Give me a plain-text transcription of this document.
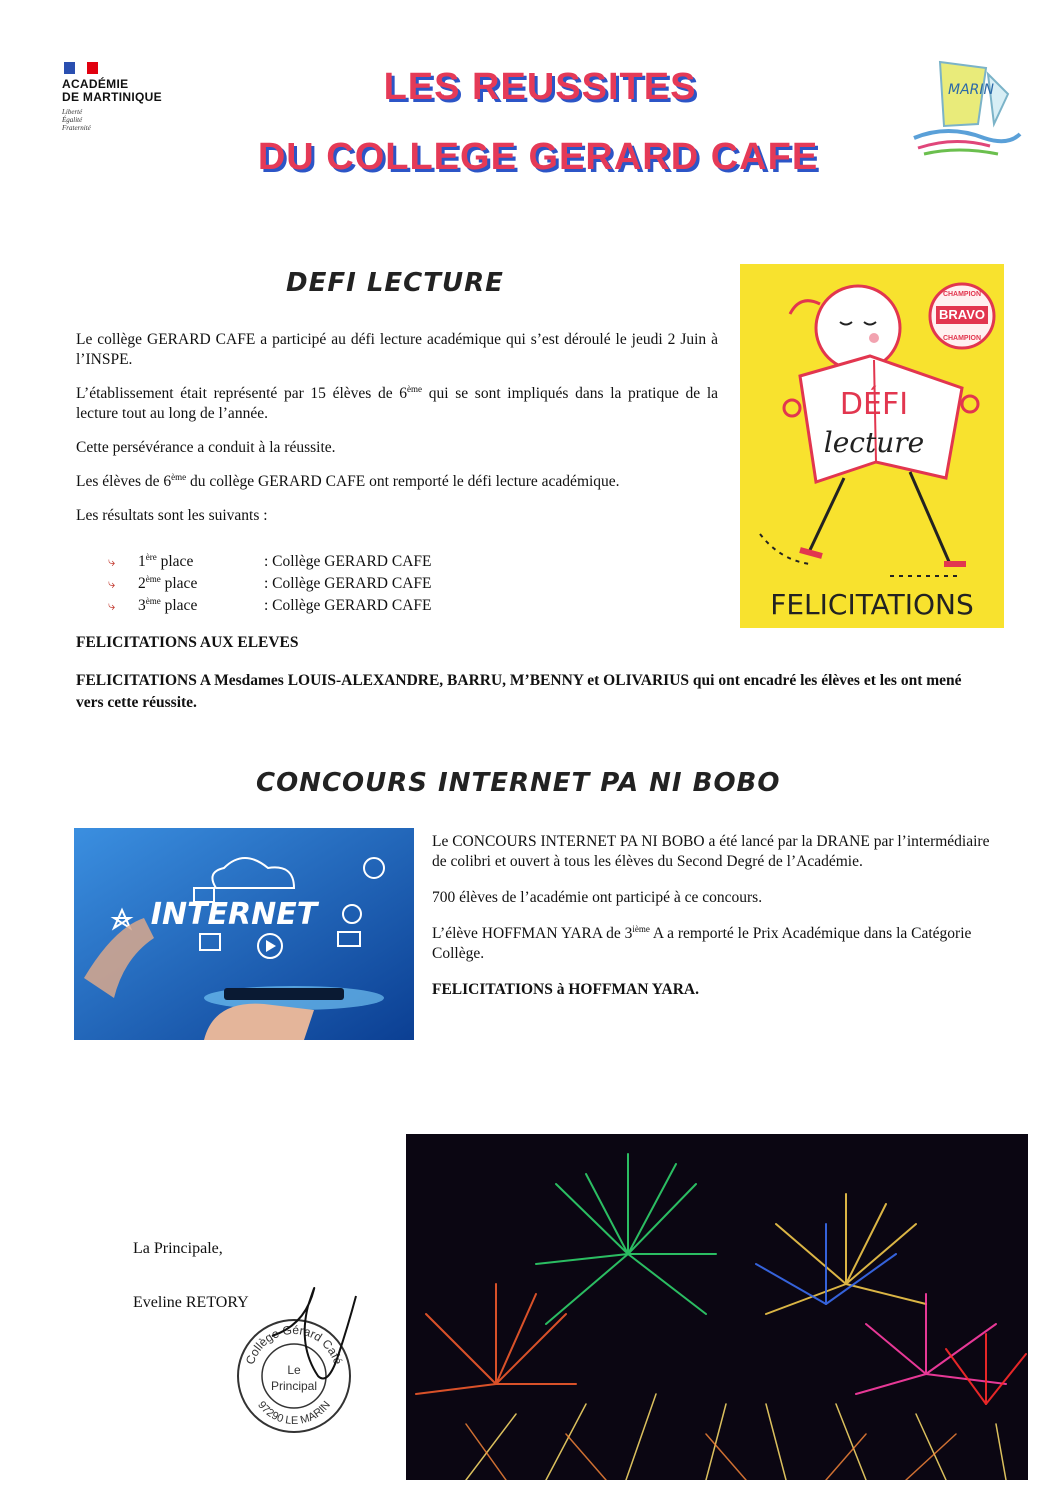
ACADÉMIE
DE MARTINIQUE
Liberté
Égalité
Fraternité
LES REUSSITES
DU COLLEGE GERARD CAFE
MARIN
DEFI LECTURE

Le collège GERARD CAFE a participé au défi lecture académique qui s’est déroulé le jeudi 2 Juin à l’INSPE.

L’établissement était représenté par 15 élèves de 6ème qui se sont impliqués dans la pratique de la lecture tout au long de l’année.

Cette persévérance a conduit à la réussite.

Les élèves de 6ème du collège GERARD CAFE ont remporté le défi lecture académique.

Les résultats sont les suivants :

⤷	1ère place	: Collège GERARD CAFE
⤷	2ème place	: Collège GERARD CAFE
⤷	3ème place	: Collège GERARD CAFE
FELICITATIONS AUX ELEVES
FELICITATIONS A Mesdames LOUIS-ALEXANDRE, BARRU, M’BENNY et OLIVARIUS qui ont encadré les élèves et les ont mené vers cette réussite.
BRAVO
CHAMPION
CHAMPION
DÉFI
lecture
FELICITATIONS
CONCOURS INTERNET PA NI BOBO
INTERNET

Le CONCOURS INTERNET PA NI BOBO a été lancé par la DRANE par l’intermédiaire de colibri et ouvert à tous les élèves du Second Degré de l’Académie.

700 élèves de l’académie ont participé à ce concours.

L’élève HOFFMAN YARA de 3ième A a remporté le Prix Académique dans la Catégorie Collège.

FELICITATIONS à HOFFMAN YARA.

La Principale,
Eveline RETORY
Collège Gérard Café
97290 LE MARIN
Le
Principal
